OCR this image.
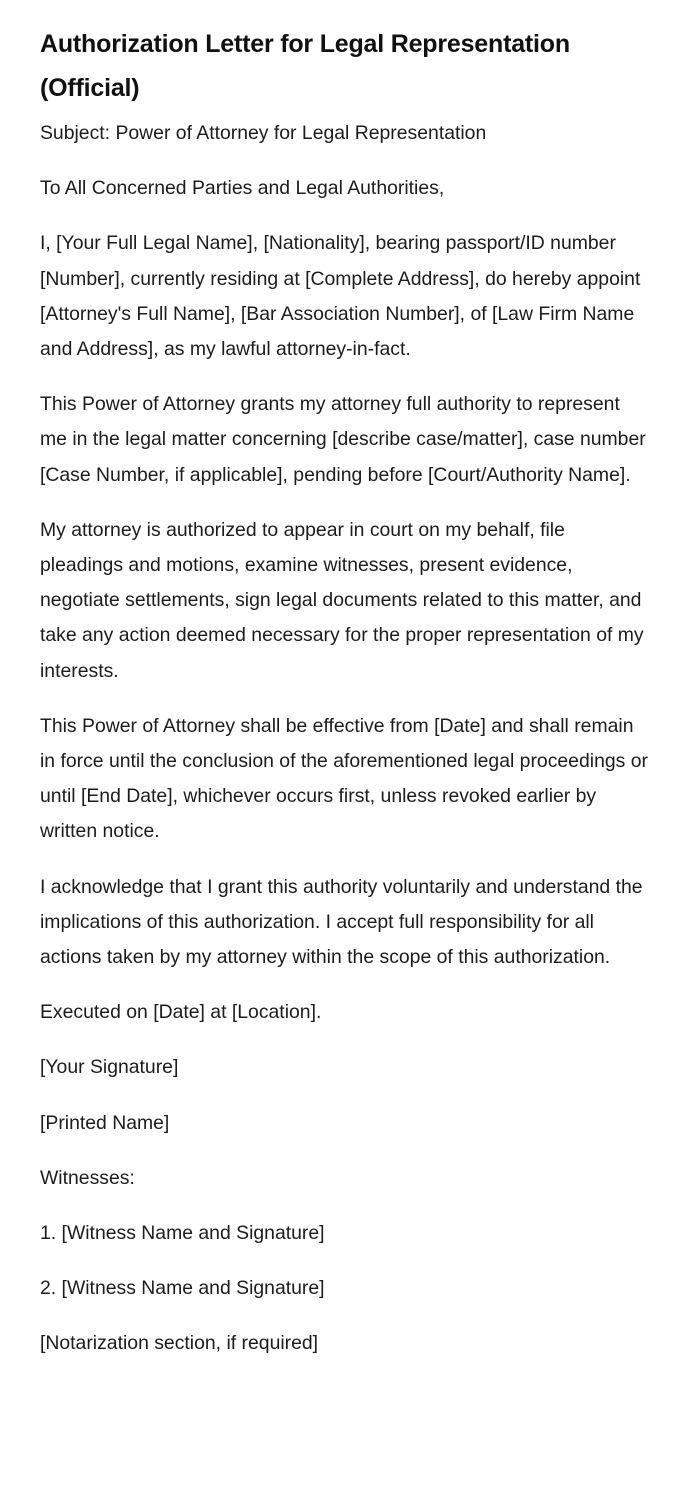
Authorization Letter for Legal Representation (Official)

Subject: Power of Attorney for Legal Representation

To All Concerned Parties and Legal Authorities,

I, [Your Full Legal Name], [Nationality], bearing passport/ID number [Number], currently residing at [Complete Address], do hereby appoint [Attorney's Full Name], [Bar Association Number], of [Law Firm Name and Address], as my lawful attorney-in-fact.

This Power of Attorney grants my attorney full authority to represent me in the legal matter concerning [describe case/matter], case number [Case Number, if applicable], pending before [Court/Authority Name].

My attorney is authorized to appear in court on my behalf, file pleadings and motions, examine witnesses, present evidence, negotiate settlements, sign legal documents related to this matter, and take any action deemed necessary for the proper representation of my interests.

This Power of Attorney shall be effective from [Date] and shall remain in force until the conclusion of the aforementioned legal proceedings or until [End Date], whichever occurs first, unless revoked earlier by written notice.

I acknowledge that I grant this authority voluntarily and understand the implications of this authorization. I accept full responsibility for all actions taken by my attorney within the scope of this authorization.

Executed on [Date] at [Location].

[Your Signature]

[Printed Name]

Witnesses:

1. [Witness Name and Signature]

2. [Witness Name and Signature]

[Notarization section, if required]
